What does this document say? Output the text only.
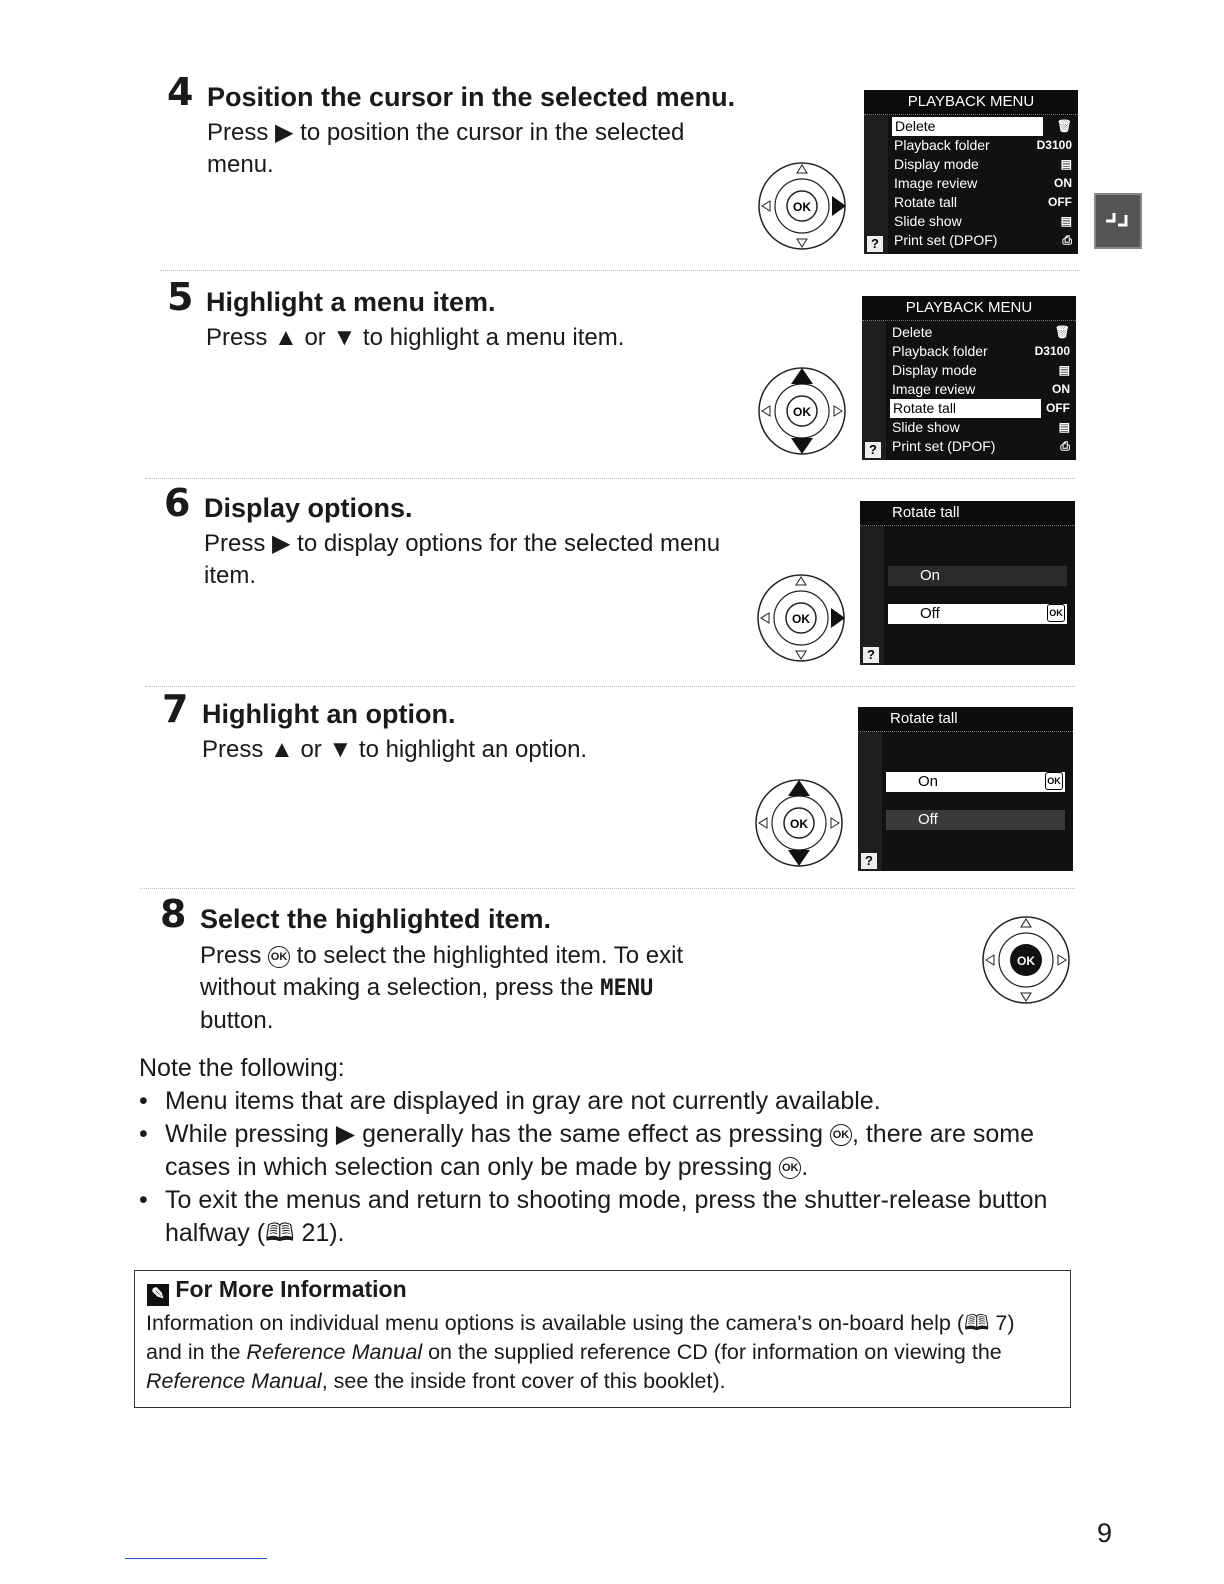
4 Position the cursor in the selected menu.
Press ▶ to position the cursor in the selected menu.
OK
PLAYBACK MENU
Delete	🗑
Playback folder	D3100
Display mode	▤
Image review	ON
Rotate tall	OFF
Slide show	▤
Print set (DPOF)	⎙
?
5 Highlight a menu item.
Press ▲ or ▼ to highlight a menu item.
OK
PLAYBACK MENU
Delete	🗑
Playback folder	D3100
Display mode	▤
Image review	ON
Rotate tall	OFF
Slide show	▤
Print set (DPOF)	⎙
?
6 Display options.
Press ▶ to display options for the selected menu item.
OK
Rotate tall
On
Off	OK
?
7 Highlight an option.
Press ▲ or ▼ to highlight an option.
OK
Rotate tall
On	OK
Off
?
8 Select the highlighted item.
Press OK to select the highlighted item. To exit
without making a selection, press the MENU
button.
OK
Note the following:
• Menu items that are displayed in gray are not currently available.
• While pressing ▶ generally has the same effect as pressing OK , there are some cases in which selection can only be made by pressing OK .
• To exit the menus and return to shooting mode, press the shutter-release button halfway (🕮 21).
✎ For More Information
Information on individual menu options is available using the camera's on-board help (🕮 7)
and in the Reference Manual on the supplied reference CD (for information on viewing the
Reference Manual, see the inside front cover of this booklet).
9
